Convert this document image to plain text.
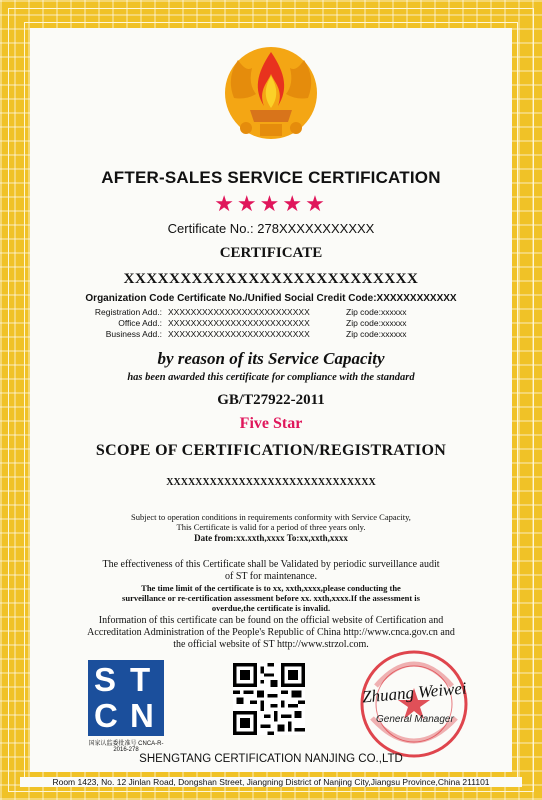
AFTER-SALES SERVICE CERTIFICATION
★★★★★
Certificate No.: 278XXXXXXXXXXX
CERTIFICATE
XXXXXXXXXXXXXXXXXXXXXXXXXX
Organization Code Certificate No./Unified Social Credit Code:XXXXXXXXXXXX
Registration Add.: XXXXXXXXXXXXXXXXXXXXXXXXX	Zip code:xxxxxx
Office Add.: XXXXXXXXXXXXXXXXXXXXXXXXX	Zip code:xxxxxx
Business Add.: XXXXXXXXXXXXXXXXXXXXXXXXX	Zip code:xxxxxx
by reason of its Service Capacity
has been awarded this certificate for compliance with the standard
GB/T27922-2011
Five Star
SCOPE OF CERTIFICATION/REGISTRATION
XXXXXXXXXXXXXXXXXXXXXXXXXXXXX
Subject to operation conditions in requirements conformity with Service Capacity,
This Certificate is valid for a period of three years only.
Date from:xx.xxth,xxxx To:xx,xxth,xxxx
The effectiveness of this Certificate shall be Validated by periodic surveillance audit
of ST for maintenance.
The time limit of the certificate is to xx, xxth,xxxx,please conducting the
surveillance or re-certification assessment before xx. xxth,xxxx.If the assessment is
overdue,the certificate is invalid.
Information of this certificate can be found on the official website of Certification and
Accreditation Administration of the People's Republic of China http://www.cnca.gov.cn and
the official website of ST http://www.strzol.com.
S T
C N
国家认监委批准号 CNCA-R-2016-278
Zhuang Weiwei
General Manager
SHENGTANG CERTIFICATION NANJING CO.,LTD
Room 1423, No. 12 Jinlan Road, Dongshan Street, Jiangning District of Nanjing City,Jiangsu Province,China 211101
